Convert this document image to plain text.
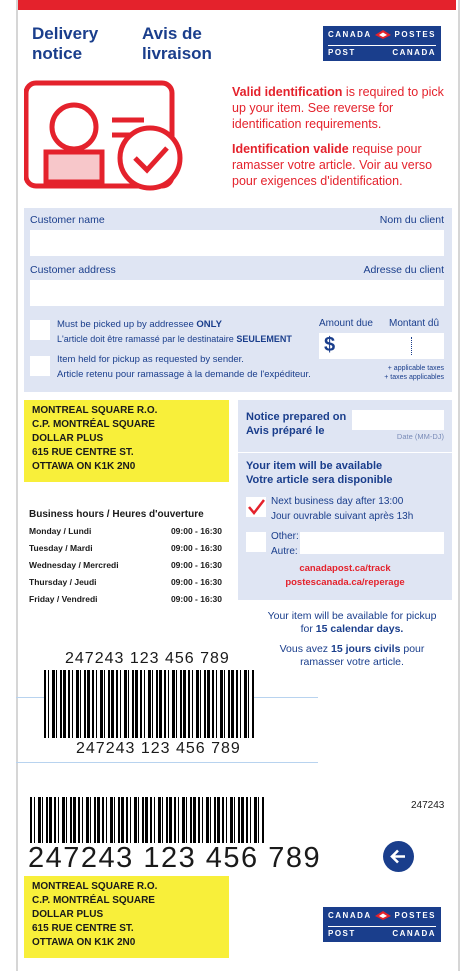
Delivery notice
Avis de livraison
CANADA	POSTES
POST	CANADA
Valid identification is required to pick up your item. See reverse for identification requirements.
Identification valide requise pour ramasser votre article. Voir au verso pour exigences d'identification.
Customer name	Nom du client
Customer address	Adresse du client
Must be picked up by addressee ONLY
L'article doit être ramassé par le destinataire SEULEMENT
Item held for pickup as requested by sender.
Article retenu pour ramassage à la demande de l'expéditeur.
Amount due Montant dû
$
+ applicable taxes
+ taxes applicables
MONTREAL SQUARE R.O.
C.P. MONTRÉAL SQUARE
DOLLAR PLUS
615 RUE CENTRE ST.
OTTAWA ON K1K 2N0
Business hours / Heures d'ouverture
Monday / Lundi	09:00 - 16:30
Tuesday / Mardi	09:00 - 16:30
Wednesday / Mercredi	09:00 - 16:30
Thursday / Jeudi	09:00 - 16:30
Friday / Vendredi	09:00 - 16:30
Notice prepared on
Avis préparé le	Date (MM-DJ)
Your item will be available
Votre article sera disponible
Next business day after 13:00
Jour ouvrable suivant après 13h
Other:
Autre:
canadapost.ca/track
postescanada.ca/reperage
Your item will be available for pickup for 15 calendar days.
Vous avez 15 jours civils pour ramasser votre article.
247243 123 456 789
247243 123 456 789
247243
247243 123 456 789
MONTREAL SQUARE R.O.
C.P. MONTRÉAL SQUARE
DOLLAR PLUS
615 RUE CENTRE ST.
OTTAWA ON K1K 2N0
CANADA	POSTES
POST	CANADA
